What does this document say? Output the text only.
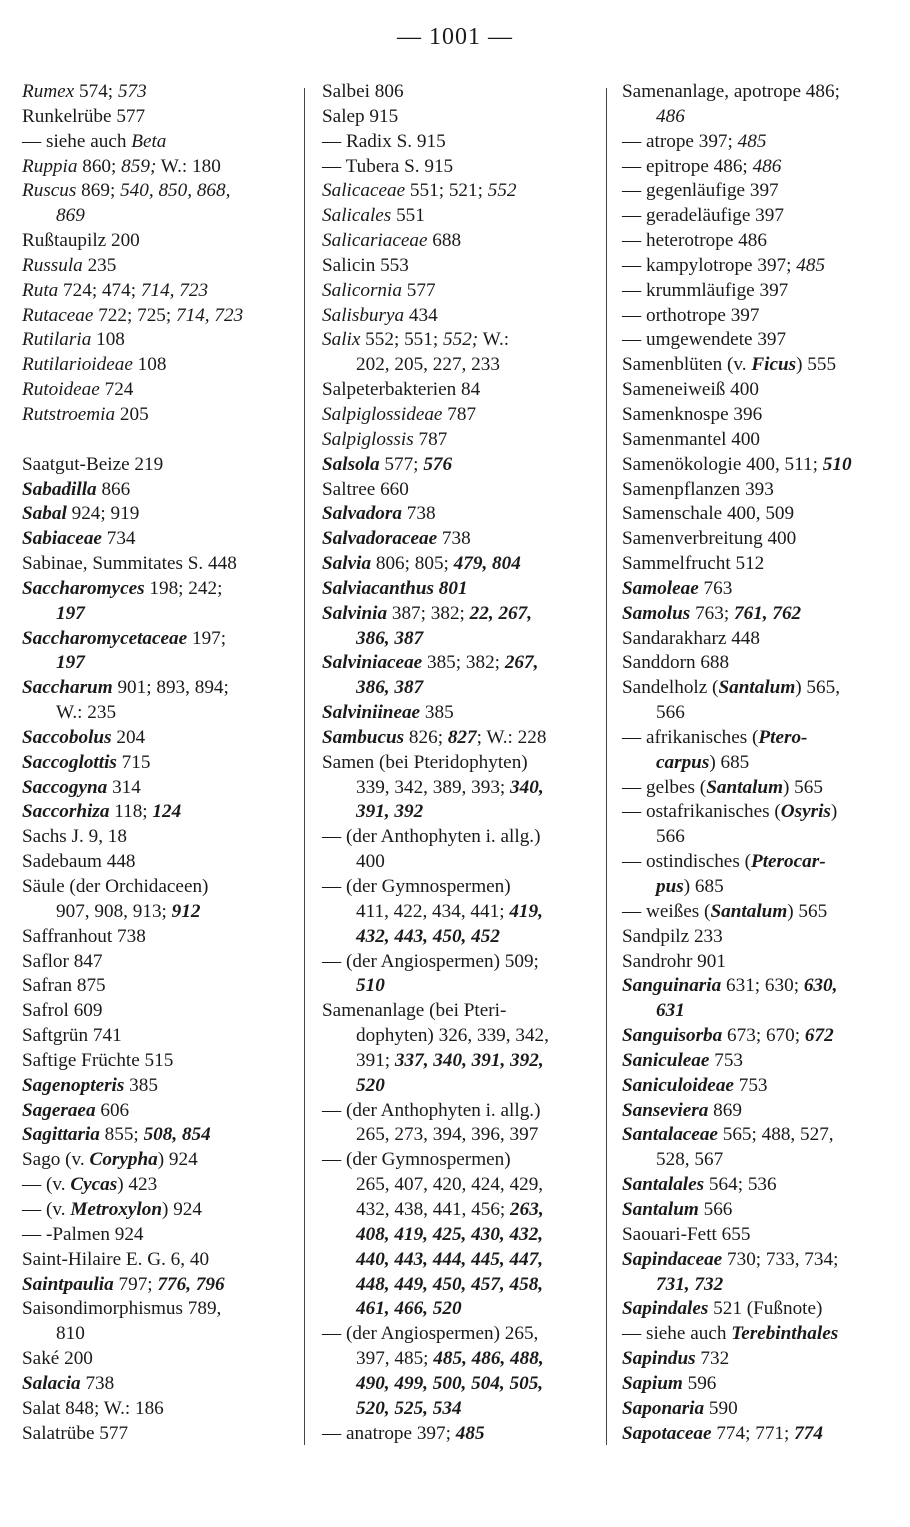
— 1001 —
Rumex 574; 573
Runkelrübe 577
— siehe auch Beta
Ruppia 860; 859; W.: 180
Ruscus 869; 540, 850, 868,
869
Rußtaupilz 200
Russula 235
Ruta 724; 474; 714, 723
Rutaceae 722; 725; 714, 723
Rutilaria 108
Rutilarioideae 108
Rutoideae 724
Rutstroemia 205
Saatgut-Beize 219
Sabadilla 866
Sabal 924; 919
Sabiaceae 734
Sabinae, Summitates S. 448
Saccharomyces 198; 242;
197
Saccharomycetaceae 197;
197
Saccharum 901; 893, 894;
W.: 235
Saccobolus 204
Saccoglottis 715
Saccogyna 314
Saccorhiza 118; 124
Sachs J. 9, 18
Sadebaum 448
Säule (der Orchidaceen)
907, 908, 913; 912
Saffranhout 738
Saflor 847
Safran 875
Safrol 609
Saftgrün 741
Saftige Früchte 515
Sagenopteris 385
Sageraea 606
Sagittaria 855; 508, 854
Sago (v. Corypha) 924
— (v. Cycas) 423
— (v. Metroxylon) 924
— -Palmen 924
Saint-Hilaire E. G. 6, 40
Saintpaulia 797; 776, 796
Saisondimorphismus 789,
810
Saké 200
Salacia 738
Salat 848; W.: 186
Salatrübe 577
Salbei 806
Salep 915
— Radix S. 915
— Tubera S. 915
Salicaceae 551; 521; 552
Salicales 551
Salicariaceae 688
Salicin 553
Salicornia 577
Salisburya 434
Salix 552; 551; 552; W.:
202, 205, 227, 233
Salpeterbakterien 84
Salpiglossideae 787
Salpiglossis 787
Salsola 577; 576
Saltree 660
Salvadora 738
Salvadoraceae 738
Salvia 806; 805; 479, 804
Salviacanthus 801
Salvinia 387; 382; 22, 267,
386, 387
Salviniaceae 385; 382; 267,
386, 387
Salviniineae 385
Sambucus 826; 827; W.: 228
Samen (bei Pteridophyten)
339, 342, 389, 393; 340,
391, 392
— (der Anthophyten i. allg.)
400
— (der Gymnospermen)
411, 422, 434, 441; 419,
432, 443, 450, 452
— (der Angiospermen) 509;
510
Samenanlage (bei Pteri-
dophyten) 326, 339, 342,
391; 337, 340, 391, 392,
520
— (der Anthophyten i. allg.)
265, 273, 394, 396, 397
— (der Gymnospermen)
265, 407, 420, 424, 429,
432, 438, 441, 456; 263,
408, 419, 425, 430, 432,
440, 443, 444, 445, 447,
448, 449, 450, 457, 458,
461, 466, 520
— (der Angiospermen) 265,
397, 485; 485, 486, 488,
490, 499, 500, 504, 505,
520, 525, 534
— anatrope 397; 485
Samenanlage, apotrope 486;
486
— atrope 397; 485
— epitrope 486; 486
— gegenläufige 397
— geradeläufige 397
— heterotrope 486
— kampylotrope 397; 485
— krummläufige 397
— orthotrope 397
— umgewendete 397
Samenblüten (v. Ficus) 555
Sameneiweiß 400
Samenknospe 396
Samenmantel 400
Samenökologie 400, 511; 510
Samenpflanzen 393
Samenschale 400, 509
Samenverbreitung 400
Sammelfrucht 512
Samoleae 763
Samolus 763; 761, 762
Sandarakharz 448
Sanddorn 688
Sandelholz (Santalum) 565,
566
— afrikanisches (Ptero-
carpus) 685
— gelbes (Santalum) 565
— ostafrikanisches (Osyris)
566
— ostindisches (Pterocar-
pus) 685
— weißes (Santalum) 565
Sandpilz 233
Sandrohr 901
Sanguinaria 631; 630; 630,
631
Sanguisorba 673; 670; 672
Saniculeae 753
Saniculoideae 753
Sanseviera 869
Santalaceae 565; 488, 527,
528, 567
Santalales 564; 536
Santalum 566
Saouari-Fett 655
Sapindaceae 730; 733, 734;
731, 732
Sapindales 521 (Fußnote)
— siehe auch Terebinthales
Sapindus 732
Sapium 596
Saponaria 590
Sapotaceae 774; 771; 774
